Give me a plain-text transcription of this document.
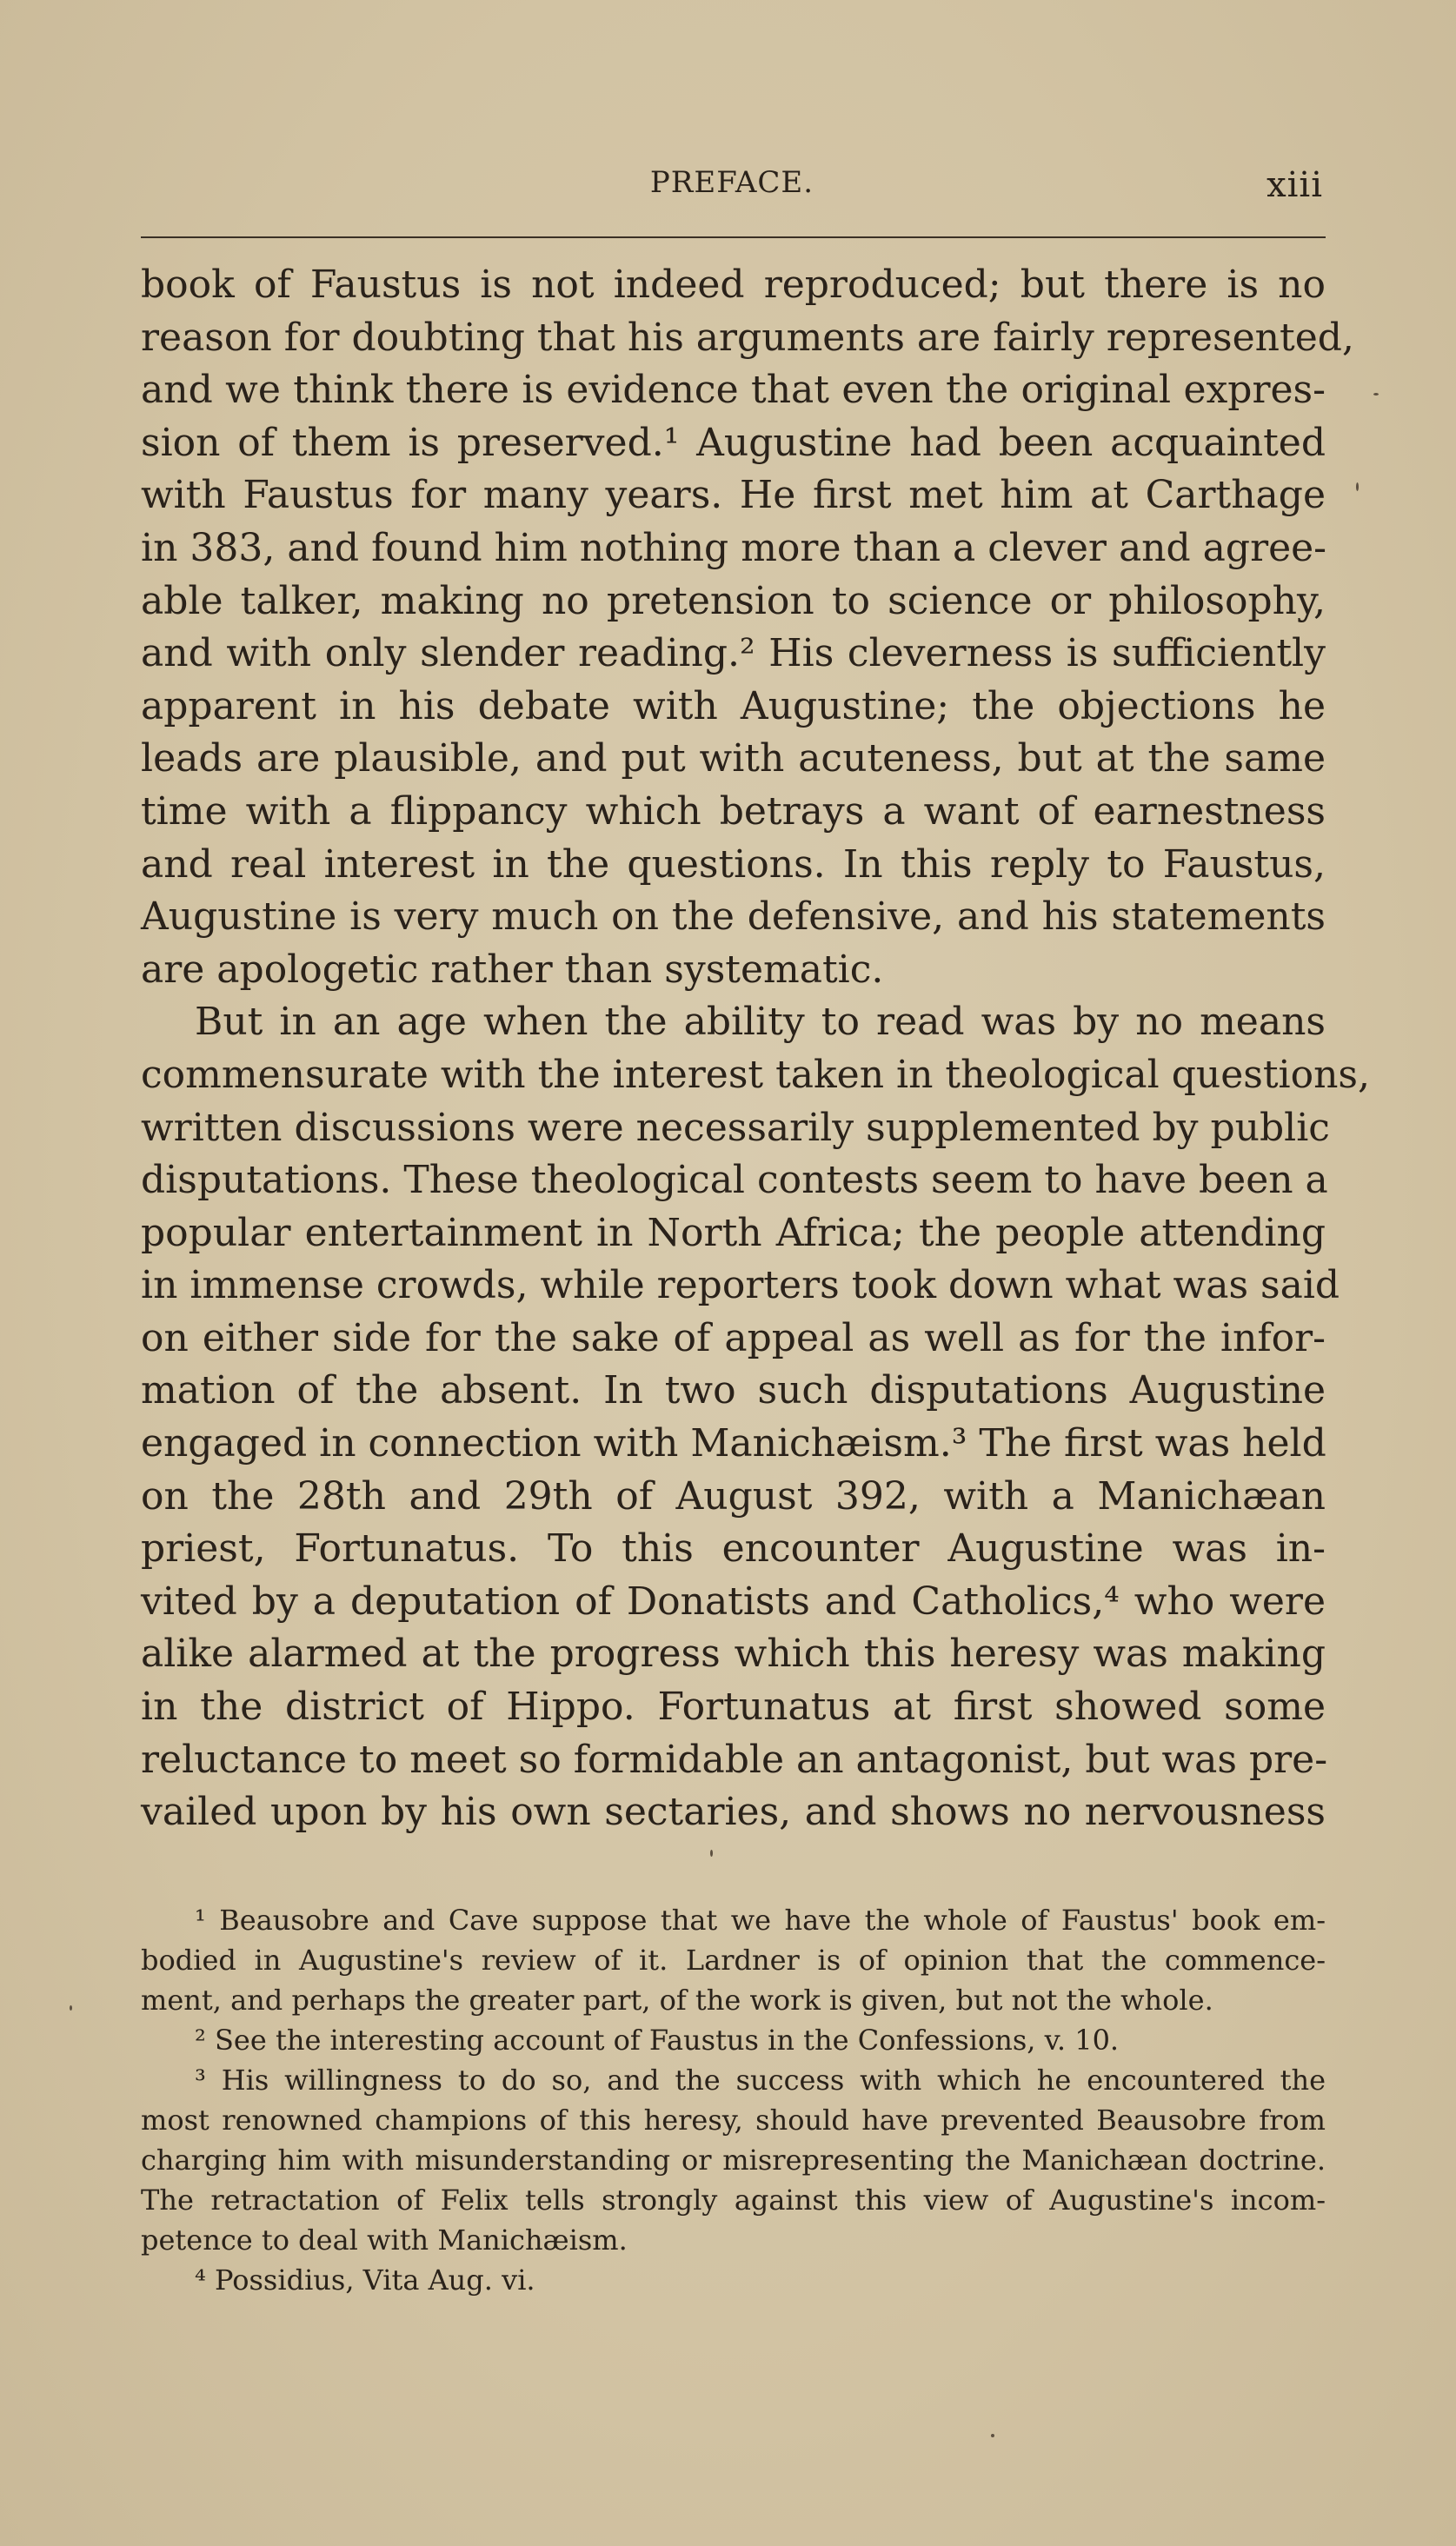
PREFACE.	xiii
book of Faustus is not indeed reproduced; but there is no
reason for doubting that his arguments are fairly represented,
and we think there is evidence that even the original expres-
sion of them is preserved.¹ Augustine had been acquainted
with Faustus for many years. He first met him at Carthage
in 383, and found him nothing more than a clever and agree-
able talker, making no pretension to science or philosophy,
and with only slender reading.² His cleverness is sufficiently
apparent in his debate with Augustine; the objections he
leads are plausible, and put with acuteness, but at the same
time with a flippancy which betrays a want of earnestness
and real interest in the questions. In this reply to Faustus,
Augustine is very much on the defensive, and his statements
are apologetic rather than systematic.
But in an age when the ability to read was by no means
commensurate with the interest taken in theological questions,
written discussions were necessarily supplemented by public
disputations. These theological contests seem to have been a
popular entertainment in North Africa; the people attending
in immense crowds, while reporters took down what was said
on either side for the sake of appeal as well as for the infor-
mation of the absent. In two such disputations Augustine
engaged in connection with Manichæism.³ The first was held
on the 28th and 29th of August 392, with a Manichæan
priest, Fortunatus. To this encounter Augustine was in-
vited by a deputation of Donatists and Catholics,⁴ who were
alike alarmed at the progress which this heresy was making
in the district of Hippo. Fortunatus at first showed some
reluctance to meet so formidable an antagonist, but was pre-
vailed upon by his own sectaries, and shows no nervousness
¹ Beausobre and Cave suppose that we have the whole of Faustus' book em-
bodied in Augustine's review of it. Lardner is of opinion that the commence-
ment, and perhaps the greater part, of the work is given, but not the whole.
² See the interesting account of Faustus in the Confessions, v. 10.
³ His willingness to do so, and the success with which he encountered the
most renowned champions of this heresy, should have prevented Beausobre from
charging him with misunderstanding or misrepresenting the Manichæan doctrine.
The retractation of Felix tells strongly against this view of Augustine's incom-
petence to deal with Manichæism.
⁴ Possidius, Vita Aug. vi.
